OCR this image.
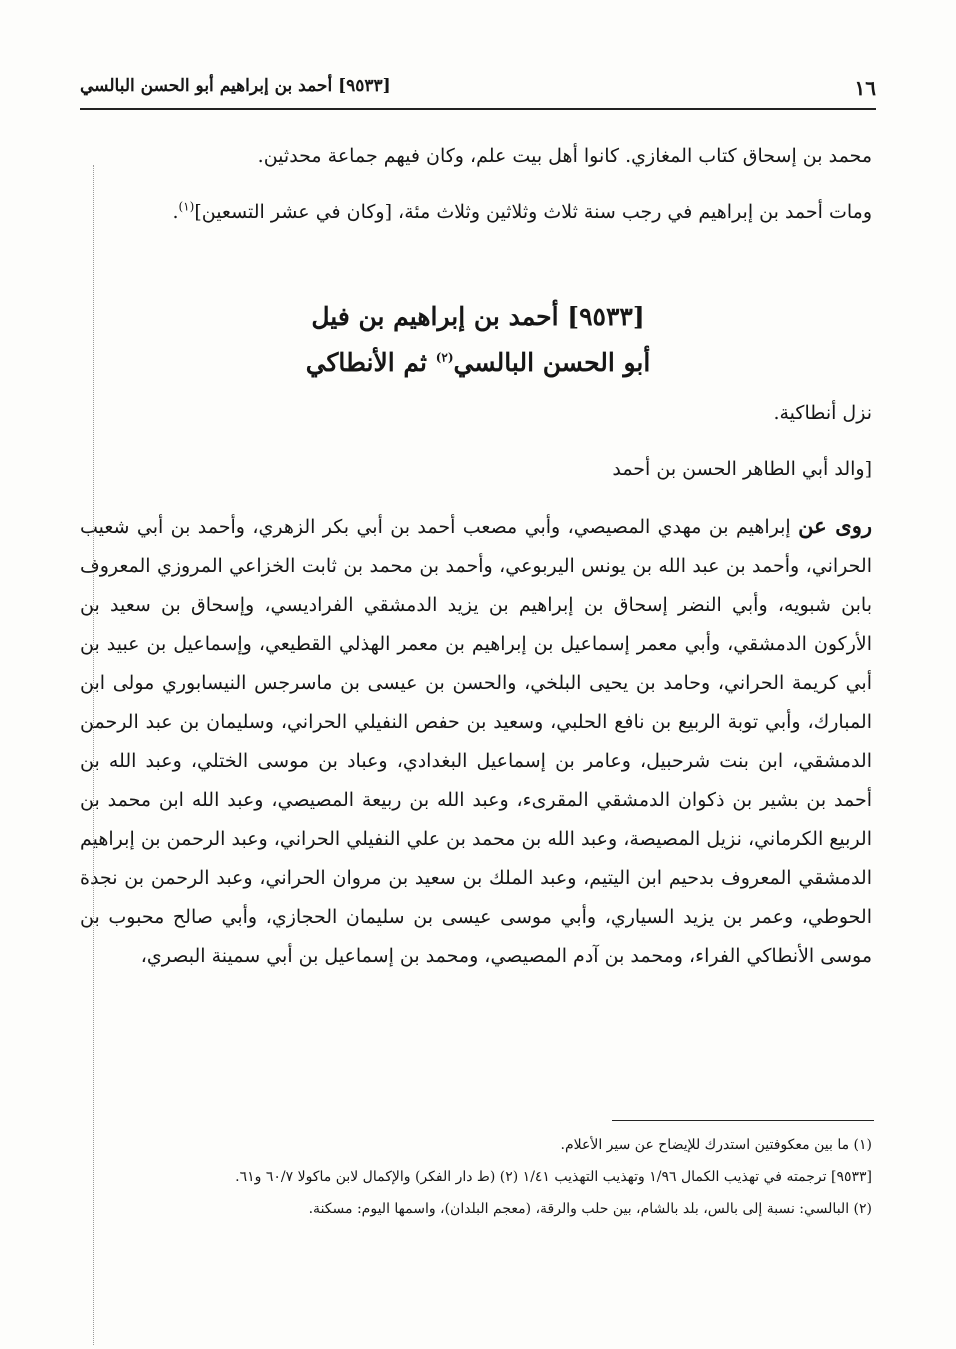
١٦
[٩٥٣٣] أحمد بن إبراهيم أبو الحسن البالسي
محمد بن إسحاق كتاب المغازي. كانوا أهل بيت علم، وكان فيهم جماعة محدثين.
ومات أحمد بن إبراهيم في رجب سنة ثلاث وثلاثين وثلاث مئة، [وكان في عشر التسعين]$^{(١)}$.
[٩٥٣٣] أحمد بن إبراهيم بن فيل
أبو الحسن البالسي$^{(٢)}$ ثم الأنطاكي
نزل أنطاكية.
[والد أبي الطاهر الحسن بن أحمد
روى عن إبراهيم بن مهدي المصيصي، وأبي مصعب أحمد بن أبي بكر الزهري، وأحمد بن أبي شعيب الحراني، وأحمد بن عبد الله بن يونس اليربوعي، وأحمد بن محمد بن ثابت الخزاعي المروزي المعروف بابن شبويه، وأبي النضر إسحاق بن إبراهيم بن يزيد الدمشقي الفراديسي، وإسحاق بن سعيد بن الأركون الدمشقي، وأبي معمر إسماعيل بن إبراهيم بن معمر الهذلي القطيعي، وإسماعيل بن عبيد بن أبي كريمة الحراني، وحامد بن يحيى البلخي، والحسن بن عيسى بن ماسرجس النيسابوري مولى ابن المبارك، وأبي توبة الربيع بن نافع الحلبي، وسعيد بن حفص النفيلي الحراني، وسليمان بن عبد الرحمن الدمشقي، ابن بنت شرحبيل، وعامر بن إسماعيل البغدادي، وعباد بن موسى الختلي، وعبد الله بن أحمد بن بشير بن ذكوان الدمشقي المقرىء، وعبد الله بن ربيعة المصيصي، وعبد الله ابن محمد بن الربيع الكرماني، نزيل المصيصة، وعبد الله بن محمد بن علي النفيلي الحراني، وعبد الرحمن بن إبراهيم الدمشقي المعروف بدحيم ابن اليتيم، وعبد الملك بن سعيد بن مروان الحراني، وعبد الرحمن بن نجدة الحوطي، وعمر بن يزيد السياري، وأبي موسى عيسى بن سليمان الحجازي، وأبي صالح محبوب بن موسى الأنطاكي الفراء، ومحمد بن آدم المصيصي، ومحمد بن إسماعيل بن أبي سمينة البصري،

(١) ما بين معكوفتين استدرك للإيضاح عن سير الأعلام.

[٩٥٣٣] ترجمته في تهذيب الكمال ١/٩٦ وتهذيب التهذيب ١/٤١ (٢) (ط دار الفكر) والإكمال لابن ماكولا ٦٠/٧ و٦١.

(٢) البالسي: نسبة إلى بالس، بلد بالشام، بين حلب والرقة، (معجم البلدان)، واسمها اليوم: مسكنة.
